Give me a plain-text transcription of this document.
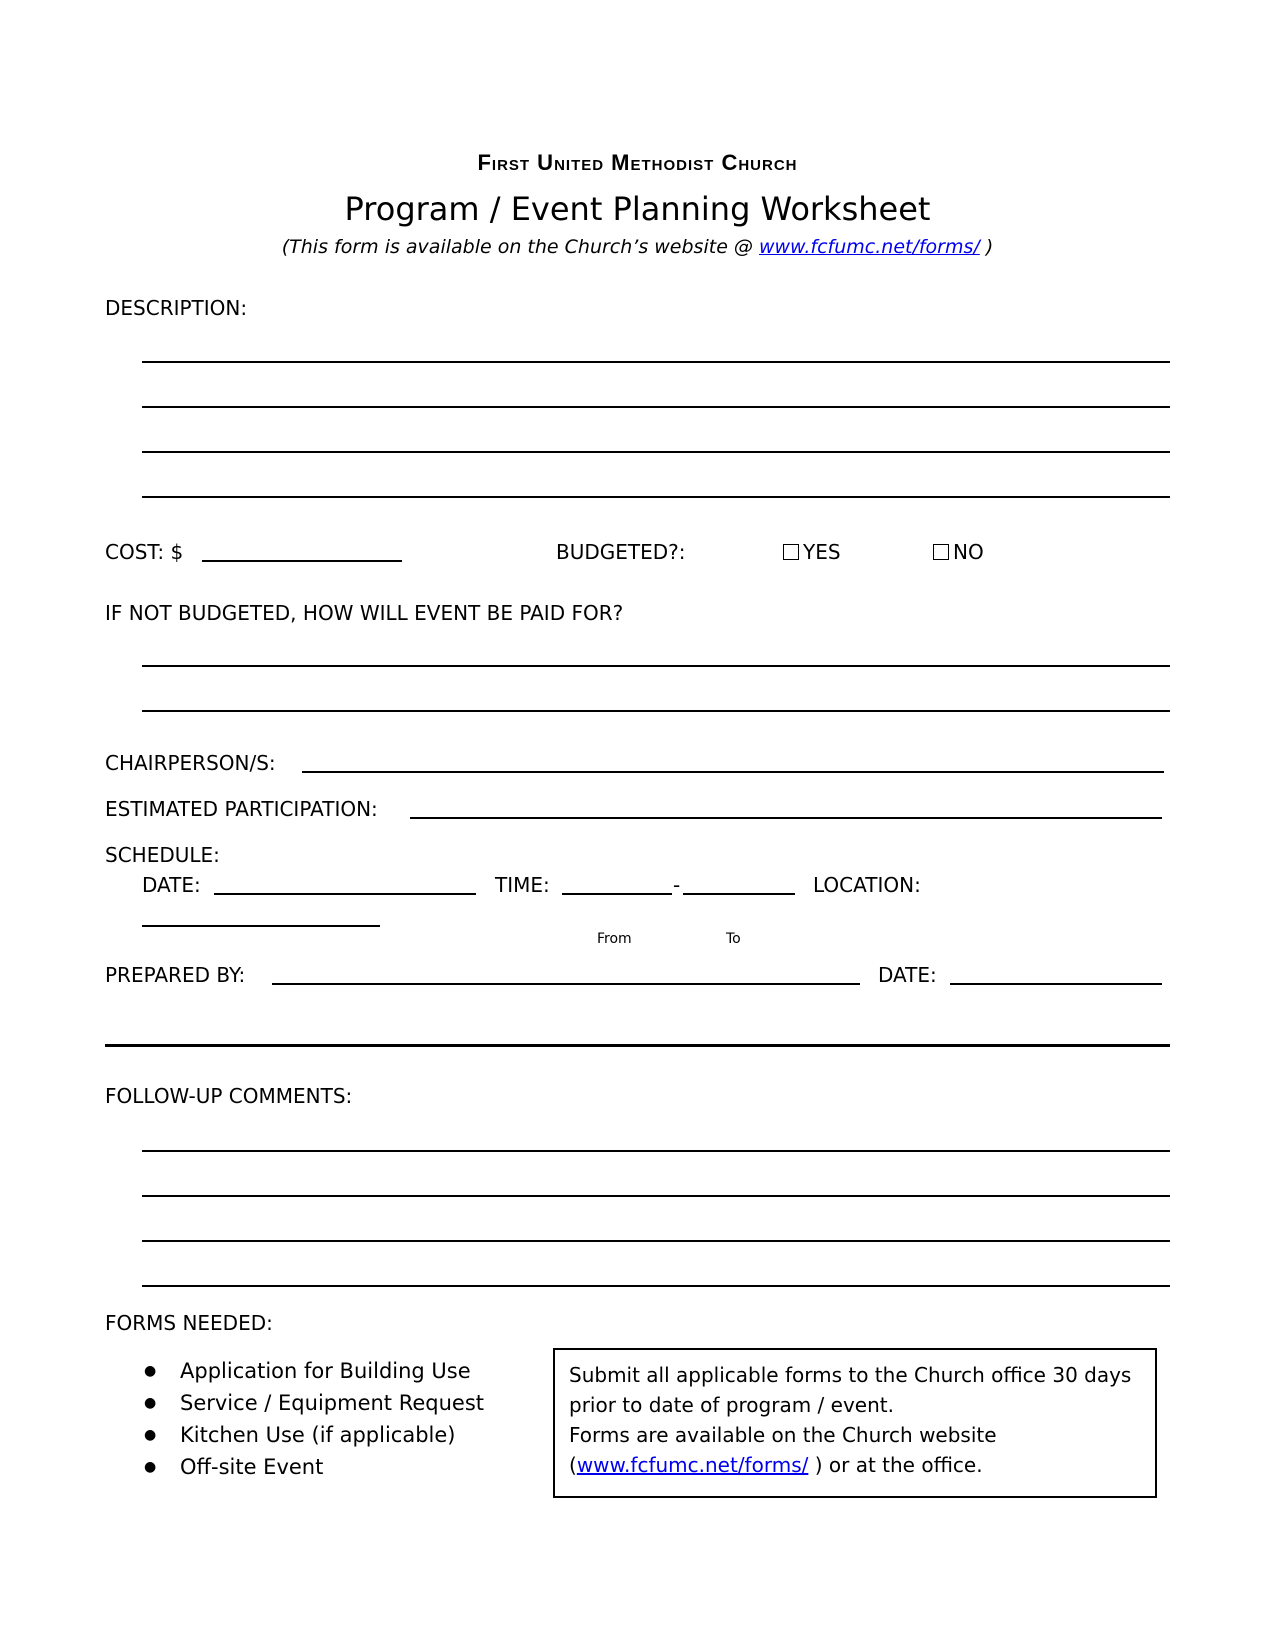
First United Methodist Church
Program / Event Planning Worksheet
(This form is available on the Church’s website @ www.fcfumc.net/forms/ )
DESCRIPTION:
COST: $	BUDGETED?:	YES	NO
IF NOT BUDGETED, HOW WILL EVENT BE PAID FOR?
CHAIRPERSON/S:
ESTIMATED PARTICIPATION:
SCHEDULE:
DATE:	TIME:	-	LOCATION:
From	To
PREPARED BY:	DATE:
FOLLOW-UP COMMENTS:
FORMS NEEDED:
● Application for Building Use
● Service / Equipment Request
● Kitchen Use (if applicable)
● Off-site Event
Submit all applicable forms to the Church office 30 days prior to date of program / event.
Forms are available on the Church website (www.fcfumc.net/forms/ ) or at the office.
